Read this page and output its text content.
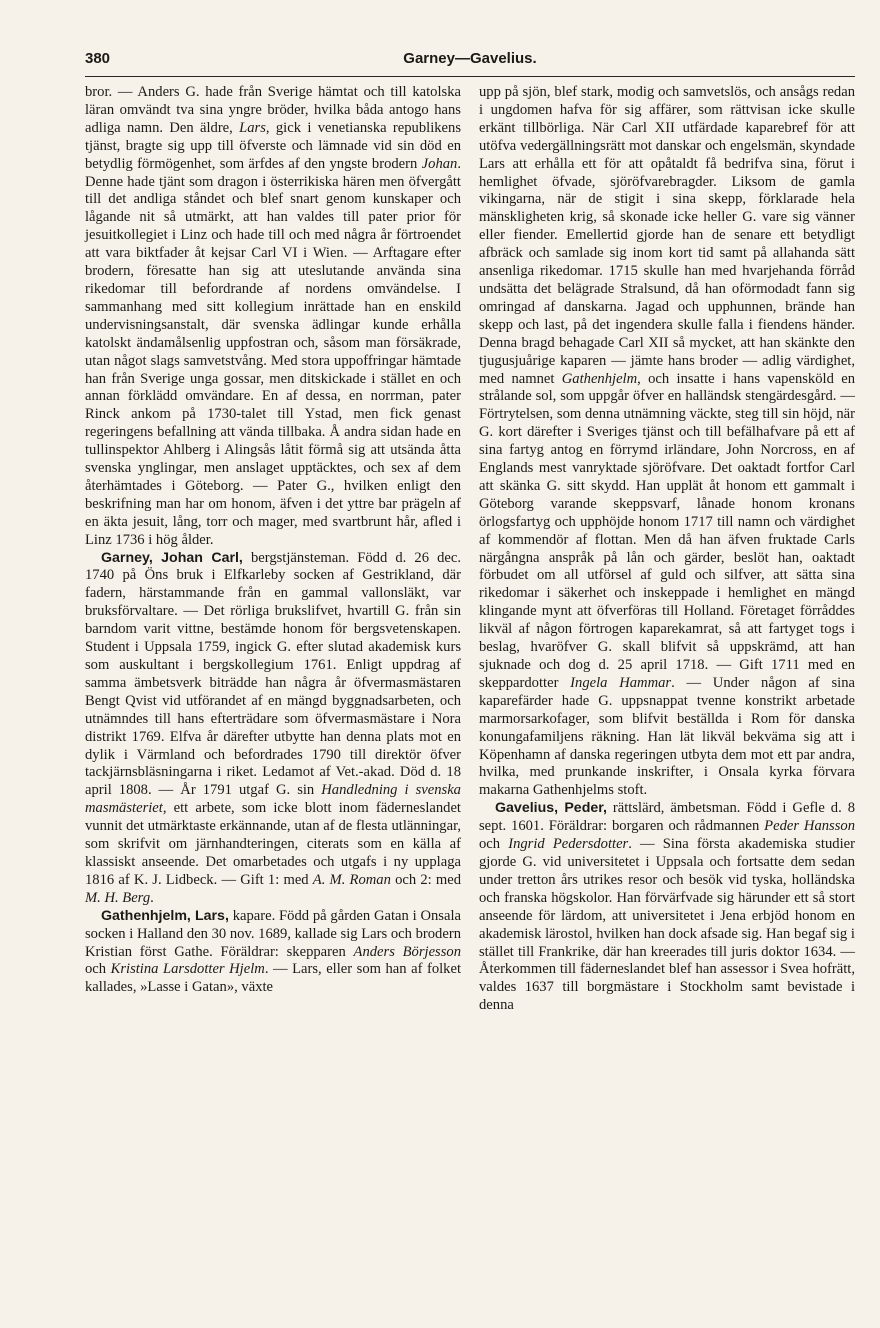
380	Garney—Gavelius.

bror. — Anders G. hade från Sverige hämtat och till katolska läran omvändt tva sina yngre bröder, hvilka båda antogo hans adliga namn. Den äldre, Lars, gick i venetianska republikens tjänst, bragte sig upp till öfverste och lämnade vid sin död en betydlig förmögenhet, som ärfdes af den yngste brodern Johan. Denne hade tjänt som dragon i österrikiska hären men öfvergått till det andliga ståndet och blef snart genom kunskaper och lågande nit så utmärkt, att han valdes till pater prior för jesuitkollegiet i Linz och hade till och med några år förtroendet att vara biktfader åt kejsar Carl VI i Wien. — Arftagare efter brodern, föresatte han sig att uteslutande använda sina rikedomar till befordrande af nordens omvändelse. I sammanhang med sitt kollegium inrättade han en enskild undervisningsanstalt, där svenska ädlingar kunde erhålla katolskt ändamålsenlig uppfostran och, såsom man försäkrade, utan något slags samvetstvång. Med stora uppoffringar hämtade han från Sverige unga gossar, men ditskickade i stället en och annan förklädd omvändare. En af dessa, en norrman, pater Rinck ankom på 1730-talet till Ystad, men fick genast regeringens befallning att vända tillbaka. Å andra sidan hade en tullinspektor Ahlberg i Alingsås låtit förmå sig att utsända åtta svenska ynglingar, men anslaget upptäcktes, och sex af dem återhämtades i Göteborg. — Pater G., hvilken enligt den beskrifning man har om honom, äfven i det yttre bar prägeln af en äkta jesuit, lång, torr och mager, med svartbrunt hår, afled i Linz 1736 i hög ålder.

Garney, Johan Carl, bergstjänsteman. Född d. 26 dec. 1740 på Öns bruk i Elfkarleby socken af Gestrikland, där fadern, härstammande från en gammal vallonsläkt, var bruksförvaltare. — Det rörliga brukslifvet, hvartill G. från sin barndom varit vittne, bestämde honom för bergsvetenskapen. Student i Uppsala 1759, ingick G. efter slutad akademisk kurs som auskultant i bergskollegium 1761. Enligt uppdrag af samma ämbetsverk biträdde han några år öfvermasmästaren Bengt Qvist vid utförandet af en mängd byggnadsarbeten, och utnämndes till hans efterträdare som öfvermasmästare i Nora distrikt 1769. Elfva år därefter utbytte han denna plats mot en dylik i Värmland och befordrades 1790 till direktör öfver tackjärnsbläsningarna i riket. Ledamot af Vet.-akad. Död d. 18 april 1808. — År 1791 utgaf G. sin Handledning i svenska masmästeriet, ett arbete, som icke blott inom fäderneslandet vunnit det utmärktaste erkännande, utan af de flesta utlänningar, som skrifvit om järnhandteringen, citerats som en källa af klassiskt anseende. Det omarbetades och utgafs i ny upplaga 1816 af K. J. Lidbeck. — Gift 1: med A. M. Roman och 2: med M. H. Berg.

Gathenhjelm, Lars, kapare. Född på gården Gatan i Onsala socken i Halland den 30 nov. 1689, kallade sig Lars och brodern Kristian först Gathe. Föräldrar: skepparen Anders Börjesson och Kristina Larsdotter Hjelm. — Lars, eller som han af folket kallades, »Lasse i Gatan», växte

upp på sjön, blef stark, modig och samvetslös, och ansågs redan i ungdomen hafva för sig affärer, som rättvisan icke skulle erkänt tillbörliga. När Carl XII utfärdade kaparebref för att utöfva vedergällningsrätt mot danskar och engelsmän, skyndade Lars att erhålla ett för att opåtaldt få bedrifva sina, förut i hemlighet öfvade, sjöröfvarebragder. Liksom de gamla vikingarna, när de stigit i sina skepp, förklarade hela mänskligheten krig, så skonade icke heller G. vare sig vänner eller fiender. Emellertid gjorde han de senare ett betydligt afbräck och samlade sig inom kort tid samt på allahanda sätt ansenliga rikedomar. 1715 skulle han med hvarjehanda förråd undsätta det belägrade Stralsund, då han oförmodadt fann sig omringad af danskarna. Jagad och upphunnen, brände han skepp och last, på det ingendera skulle falla i fiendens händer. Denna bragd behagade Carl XII så mycket, att han skänkte den tjugusjuårige kaparen — jämte hans broder — adlig värdighet, med namnet Gathenhjelm, och insatte i hans vapensköld en strålande sol, som uppgår öfver en halländsk stengärdesgård. — Förtrytelsen, som denna utnämning väckte, steg till sin höjd, när G. kort därefter i Sveriges tjänst och till befälhafvare på ett af sina fartyg antog en förrymd irländare, John Norcross, en af Englands mest vanryktade sjöröfvare. Det oaktadt fortfor Carl att skänka G. sitt skydd. Han upplät åt honom ett gammalt i Göteborg varande skeppsvarf, lånade honom kronans örlogsfartyg och upphöjde honom 1717 till namn och värdighet af kommendör af flottan. Men då han äfven fruktade Carls närgångna anspråk på lån och gärder, beslöt han, oaktadt förbudet om all utförsel af guld och silfver, att sätta sina rikedomar i säkerhet och inskeppade i hemlighet en mängd klingande mynt att öfverföras till Holland. Företaget förråddes likväl af någon förtrogen kaparekamrat, så att fartyget togs i beslag, hvaröfver G. skall blifvit så uppskrämd, att han sjuknade och dog d. 25 april 1718. — Gift 1711 med en skeppardotter Ingela Hammar. — Under någon af sina kaparefärder hade G. uppsnappat tvenne konstrikt arbetade marmorsarkofager, som blifvit beställda i Rom för danska konungafamiljens räkning. Han lät likväl bekväma sig att i Köpenhamn af danska regeringen utbyta dem mot ett par andra, hvilka, med prunkande inskrifter, i Onsala kyrka förvara makarna Gathenhjelms stoft.

Gavelius, Peder, rättslärd, ämbetsman. Född i Gefle d. 8 sept. 1601. Föräldrar: borgaren och rådmannen Peder Hansson och Ingrid Pedersdotter. — Sina första akademiska studier gjorde G. vid universitetet i Uppsala och fortsatte dem sedan under tretton års utrikes resor och besök vid tyska, holländska och franska högskolor. Han förvärfvade sig härunder ett så stort anseende för lärdom, att universitetet i Jena erbjöd honom en akademisk lärostol, hvilken han dock afsade sig. Han begaf sig i stället till Frankrike, där han kreerades till juris doktor 1634. — Återkommen till fäderneslandet blef han assessor i Svea hofrätt, valdes 1637 till borgmästare i Stockholm samt bevistade i denna
